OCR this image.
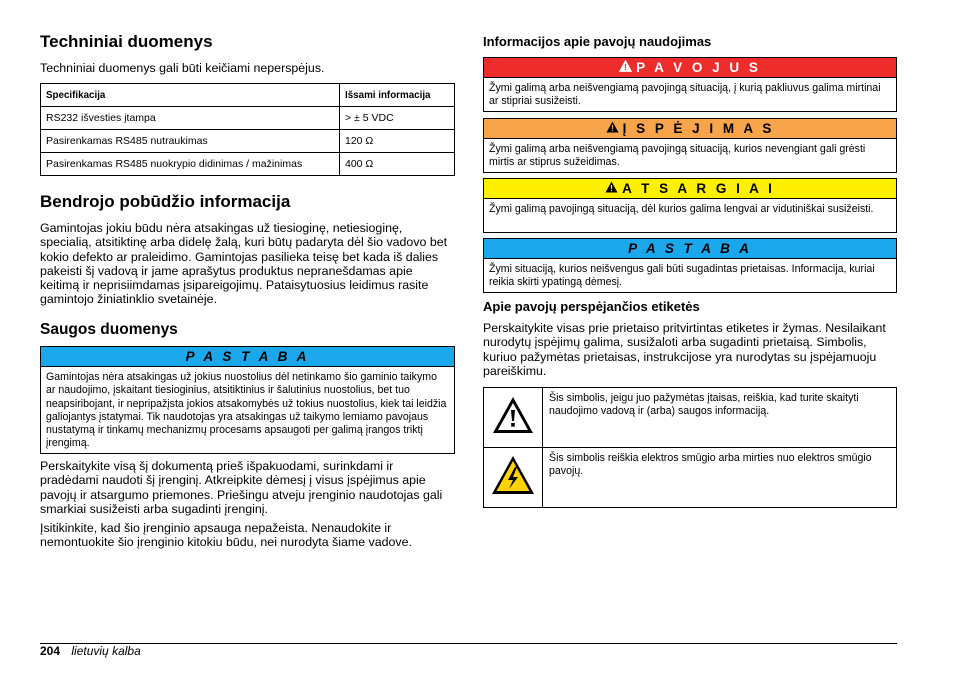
Techniniai duomenys

Techniniai duomenys gali būti keičiami neperspėjus.

Specifikacija	Išsami informacija
RS232 išvesties įtampa	> ± 5 VDC
Pasirenkamas RS485 nutraukimas	120 Ω
Pasirenkamas RS485 nuokrypio didinimas / mažinimas	400 Ω
Bendrojo pobūdžio informacija

Gamintojas jokiu būdu nėra atsakingas už tiesioginę, netiesioginę, specialią, atsitiktinę arba didelę žalą, kuri būtų padaryta dėl šio vadovo bet kokio defekto ar praleidimo. Gamintojas pasilieka teisę bet kada iš dalies pakeisti šį vadovą ir jame aprašytus produktus nepranešdamas apie keitimą ir neprisiimdamas įsipareigojimų. Pataisytuosius leidimus rasite gamintojo žiniatinklio svetainėje.

Saugos duomenys
P A S T A B A
Gamintojas nėra atsakingas už jokius nuostolius dėl netinkamo šio gaminio taikymo ar naudojimo, įskaitant tiesioginius, atsitiktinius ir šalutinius nuostolius, bet tuo neapsiribojant, ir nepripažįsta jokios atsakomybės už tokius nuostolius, kiek tai leidžia galiojantys įstatymai. Tik naudotojas yra atsakingas už taikymo lemiamo pavojaus nustatymą ir tinkamų mechanizmų procesams apsaugoti per galimą įrangos triktį įrengimą.

Perskaitykite visą šį dokumentą prieš išpakuodami, surinkdami ir pradėdami naudoti šį įrenginį. Atkreipkite dėmesį į visus įspėjimus apie pavojų ir atsargumo priemones. Priešingu atveju įrenginio naudotojas gali smarkiai susižeisti arba sugadinti įrenginį.

Įsitikinkite, kad šio įrenginio apsauga nepažeista. Nenaudokite ir nemontuokite šio įrenginio kitokiu būdu, nei nurodyta šiame vadove.

Informacijos apie pavojų naudojimas
P A V O J U S
Žymi galimą arba neišvengiamą pavojingą situaciją, į kurią pakliuvus galima mirtinai ar stipriai susižeisti.
Į S P Ė J I M A S
Žymi galimą arba neišvengiamą pavojingą situaciją, kurios nevengiant gali grėsti mirtis ar stiprus sužeidimas.
A T S A R G I A I
Žymi galimą pavojingą situaciją, dėl kurios galima lengvai ar vidutiniškai susižeisti.
P A S T A B A
Žymi situaciją, kurios neišvengus gali būti sugadintas prietaisas. Informacija, kuriai reikia skirti ypatingą dėmesį.
Apie pavojų perspėjančios etiketės

Perskaitykite visas prie prietaiso pritvirtintas etiketes ir žymas. Nesilaikant nurodytų įspėjimų galima, susižaloti arba sugadinti prietaisą. Simbolis, kuriuo pažymėtas prietaisas, instrukcijose yra nurodytas su įspėjamuoju pareiškimu.

	Šis simbolis, jeigu juo pažymėtas įtaisas, reiškia, kad turite skaityti naudojimo vadovą ir (arba) saugos informaciją.
	Šis simbolis reiškia elektros smūgio arba mirties nuo elektros smūgio pavojų.
204 lietuvių kalba
